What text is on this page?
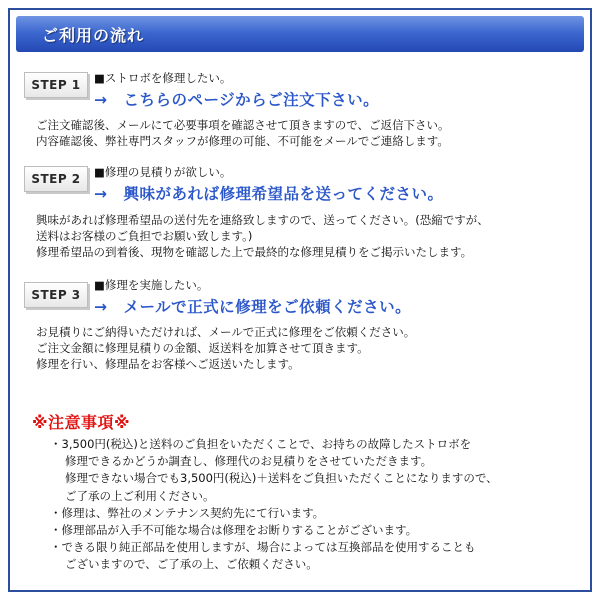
ご利用の流れ
STEP 1	■ストロボを修理したい。
→　こちらのページからご注文下さい。
ご注文確認後、メールにて必要事項を確認させて頂きますので、ご返信下さい。
内容確認後、弊社専門スタッフが修理の可能、不可能をメールでご連絡します。
STEP 2	■修理の見積りが欲しい。
→　興味があれば修理希望品を送ってください。
興味があれば修理希望品の送付先を連絡致しますので、送ってください。(恐縮ですが、
送料はお客様のご負担でお願い致します。)
修理希望品の到着後、現物を確認した上で最終的な修理見積りをご掲示いたします。
STEP 3
■修理を実施したい。
→　メールで正式に修理をご依頼ください。
お見積りにご納得いただければ、メールで正式に修理をご依頼ください。
ご注文金額に修理見積りの金額、返送料を加算させて頂きます。
修理を行い、修理品をお客様へご返送いたします。
※注意事項※
・3,500円(税込)と送料のご負担をいただくことで、お持ちの故障したストロボを
修理できるかどうか調査し、修理代のお見積りをさせていただきます。
修理できない場合でも3,500円(税込)＋送料をご負担いただくことになりますので、
ご了承の上ご利用ください。
・修理は、弊社のメンテナンス契約先にて行います。
・修理部品が入手不可能な場合は修理をお断りすることがございます。
・できる限り純正部品を使用しますが、場合によっては互換部品を使用することも
ございますので、ご了承の上、ご依頼ください。
